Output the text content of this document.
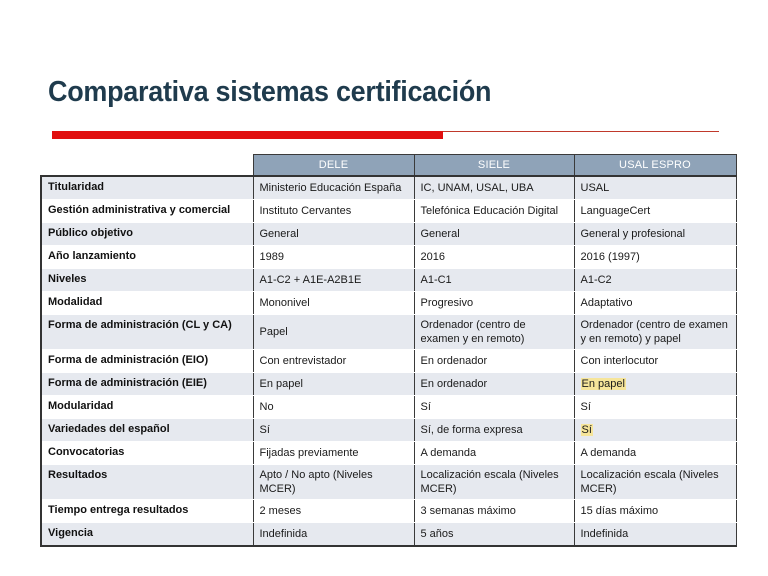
Comparativa sistemas certificación
	DELE	SIELE	USAL ESPRO
Titularidad	Ministerio Educación España	IC, UNAM, USAL, UBA	USAL
Gestión administrativa y comercial	Instituto Cervantes	Telefónica Educación Digital	LanguageCert
Público objetivo	General	General	General y profesional
Año lanzamiento	1989	2016	2016 (1997)
Niveles	A1-C2 + A1E-A2B1E	A1-C1	A1-C2
Modalidad	Mononivel	Progresivo	Adaptativo
Forma de administración (CL y CA)	Papel	Ordenador (centro de examen y en remoto)	Ordenador (centro de examen y en remoto) y papel
Forma de administración (EIO)	Con entrevistador	En ordenador	Con interlocutor
Forma de administración (EIE)	En papel	En ordenador	En papel
Modularidad	No	Sí	Sí
Variedades del español	Sí	Sí, de forma expresa	Sí
Convocatorias	Fijadas previamente	A demanda	A demanda
Resultados	Apto / No apto (Niveles MCER)	Localización escala (Niveles MCER)	Localización escala (Niveles MCER)
Tiempo entrega resultados	2 meses	3 semanas máximo	15 días máximo
Vigencia	Indefinida	5 años	Indefinida
